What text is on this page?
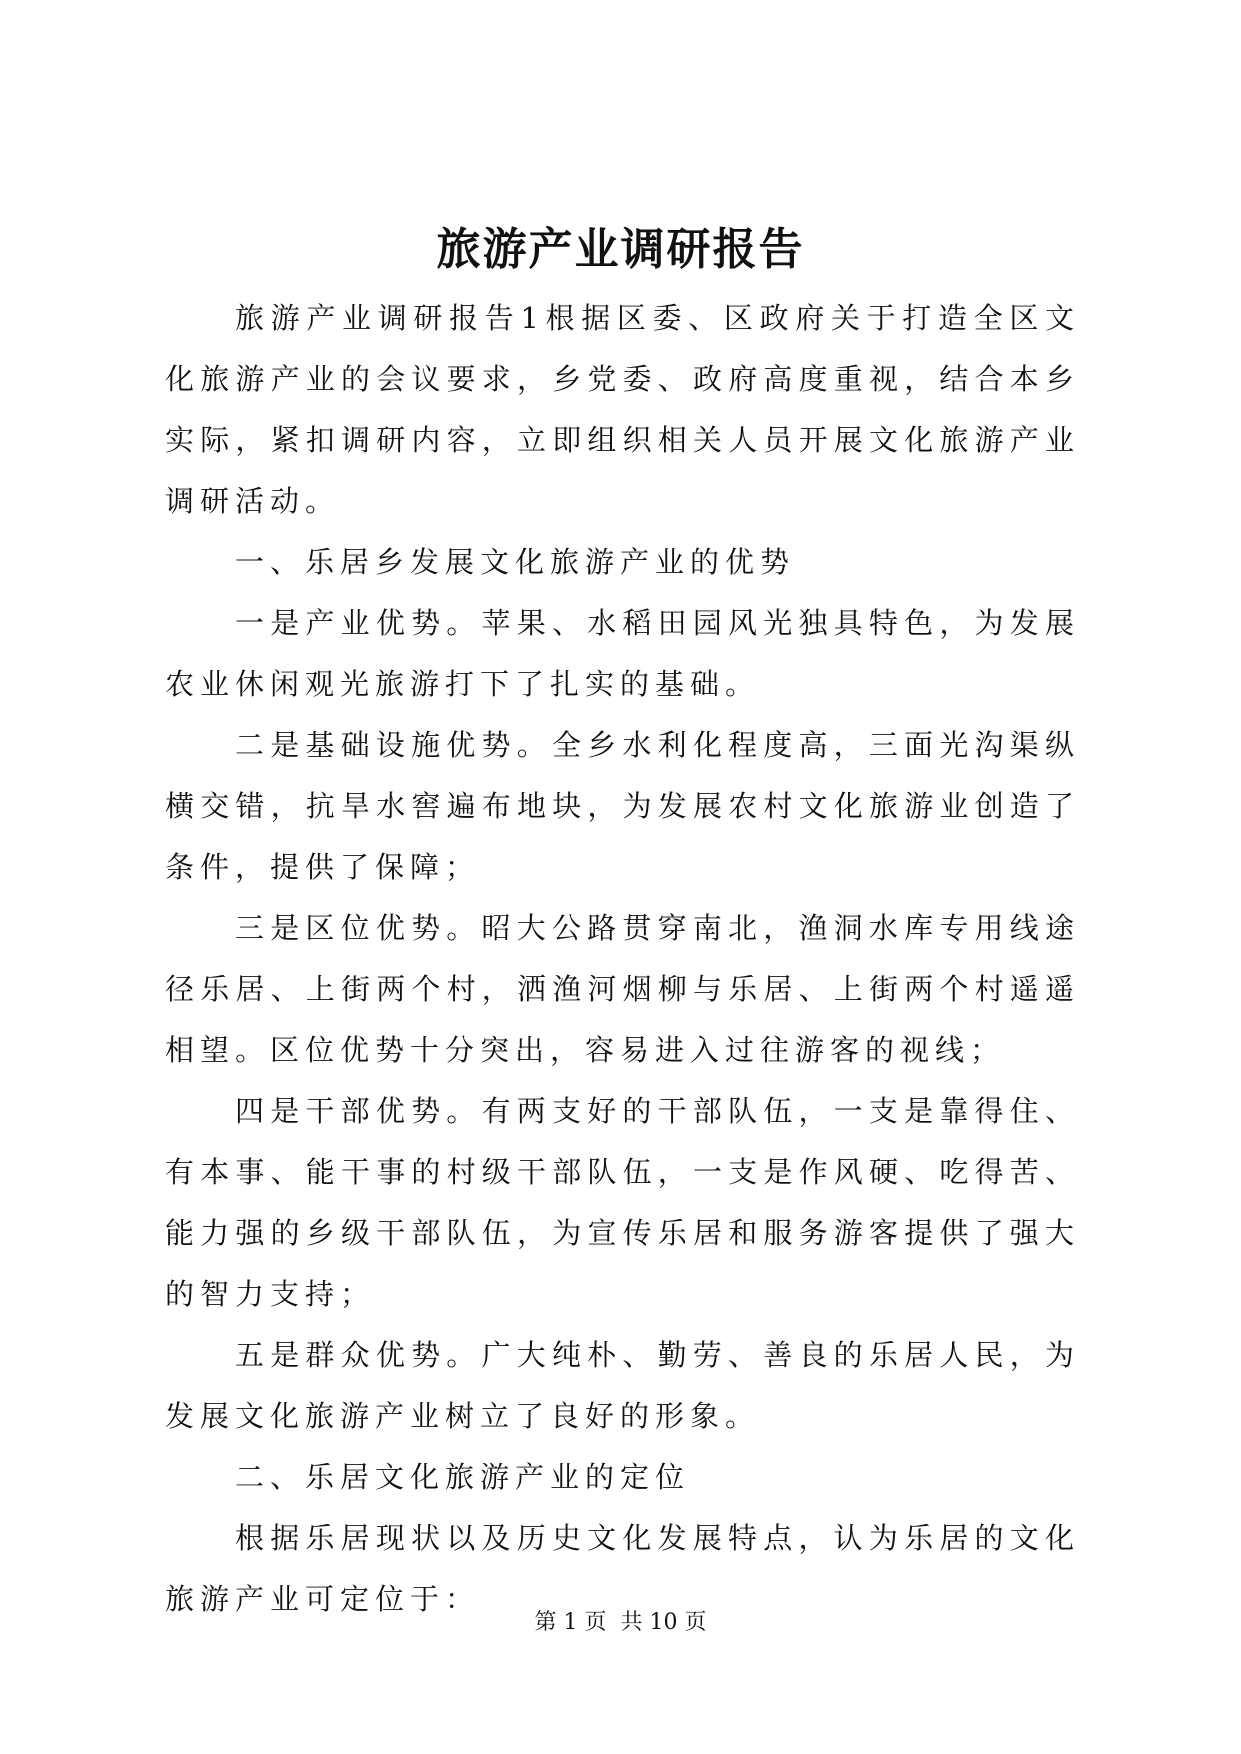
旅游产业调研报告

旅游产业调研报告1根据区委、区政府关于打造全区文化旅游产业的会议要求，乡党委、政府高度重视，结合本乡实际，紧扣调研内容，立即组织相关人员开展文化旅游产业调研活动。

一、乐居乡发展文化旅游产业的优势

一是产业优势。苹果、水稻田园风光独具特色，为发展农业休闲观光旅游打下了扎实的基础。

二是基础设施优势。全乡水利化程度高，三面光沟渠纵横交错，抗旱水窖遍布地块，为发展农村文化旅游业创造了条件，提供了保障；

三是区位优势。昭大公路贯穿南北，渔洞水库专用线途径乐居、上街两个村，洒渔河烟柳与乐居、上街两个村遥遥相望。区位优势十分突出，容易进入过往游客的视线；

四是干部优势。有两支好的干部队伍，一支是靠得住、有本事、能干事的村级干部队伍，一支是作风硬、吃得苦、能力强的乡级干部队伍，为宣传乐居和服务游客提供了强大的智力支持；

五是群众优势。广大纯朴、勤劳、善良的乐居人民，为发展文化旅游产业树立了良好的形象。

二、乐居文化旅游产业的定位

根据乐居现状以及历史文化发展特点，认为乐居的文化旅游产业可定位于：

第 1 页  共 10 页
